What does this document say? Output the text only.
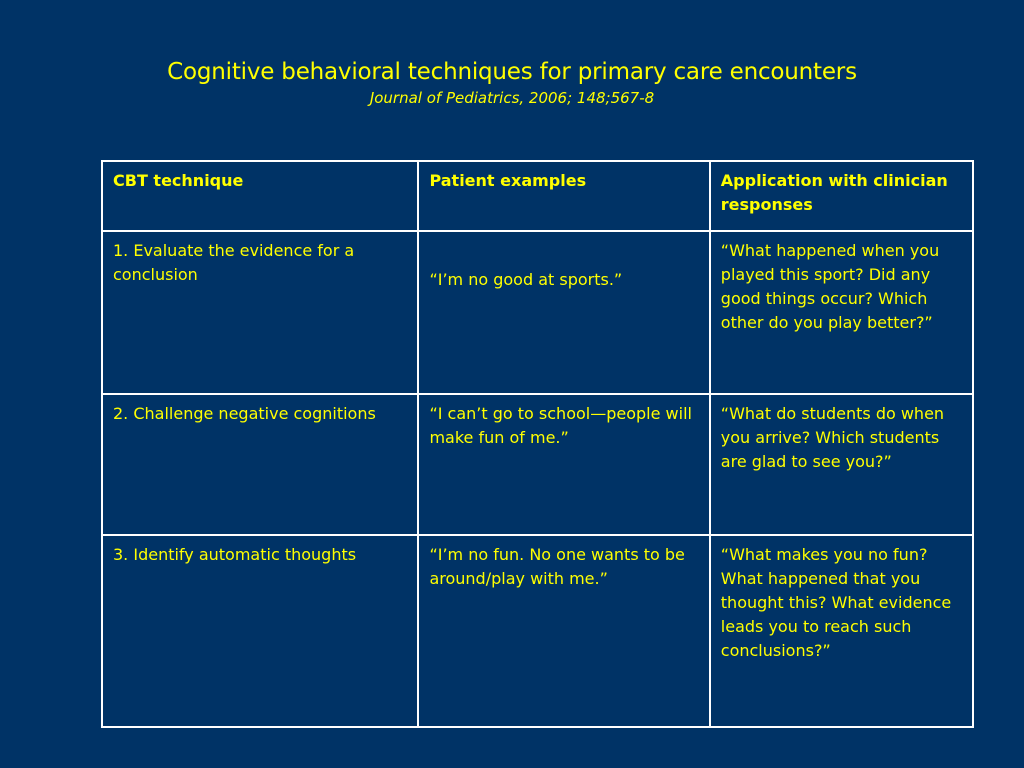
Cognitive behavioral techniques for primary care encounters
Journal of Pediatrics, 2006; 148;567-8
CBT technique	Patient examples	Application with clinician responses
1. Evaluate the evidence for a conclusion	“I’m no good at sports.”	“What happened when you played this sport? Did any good things occur? Which other do you play better?”
2. Challenge negative cognitions	“I can’t go to school—people will make fun of me.”	“What do students do when you arrive? Which students are glad to see you?”
3. Identify automatic thoughts	“I’m no fun. No one wants to be around/play with me.”	“What makes you no fun? What happened that you thought this? What evidence leads you to reach such conclusions?”
